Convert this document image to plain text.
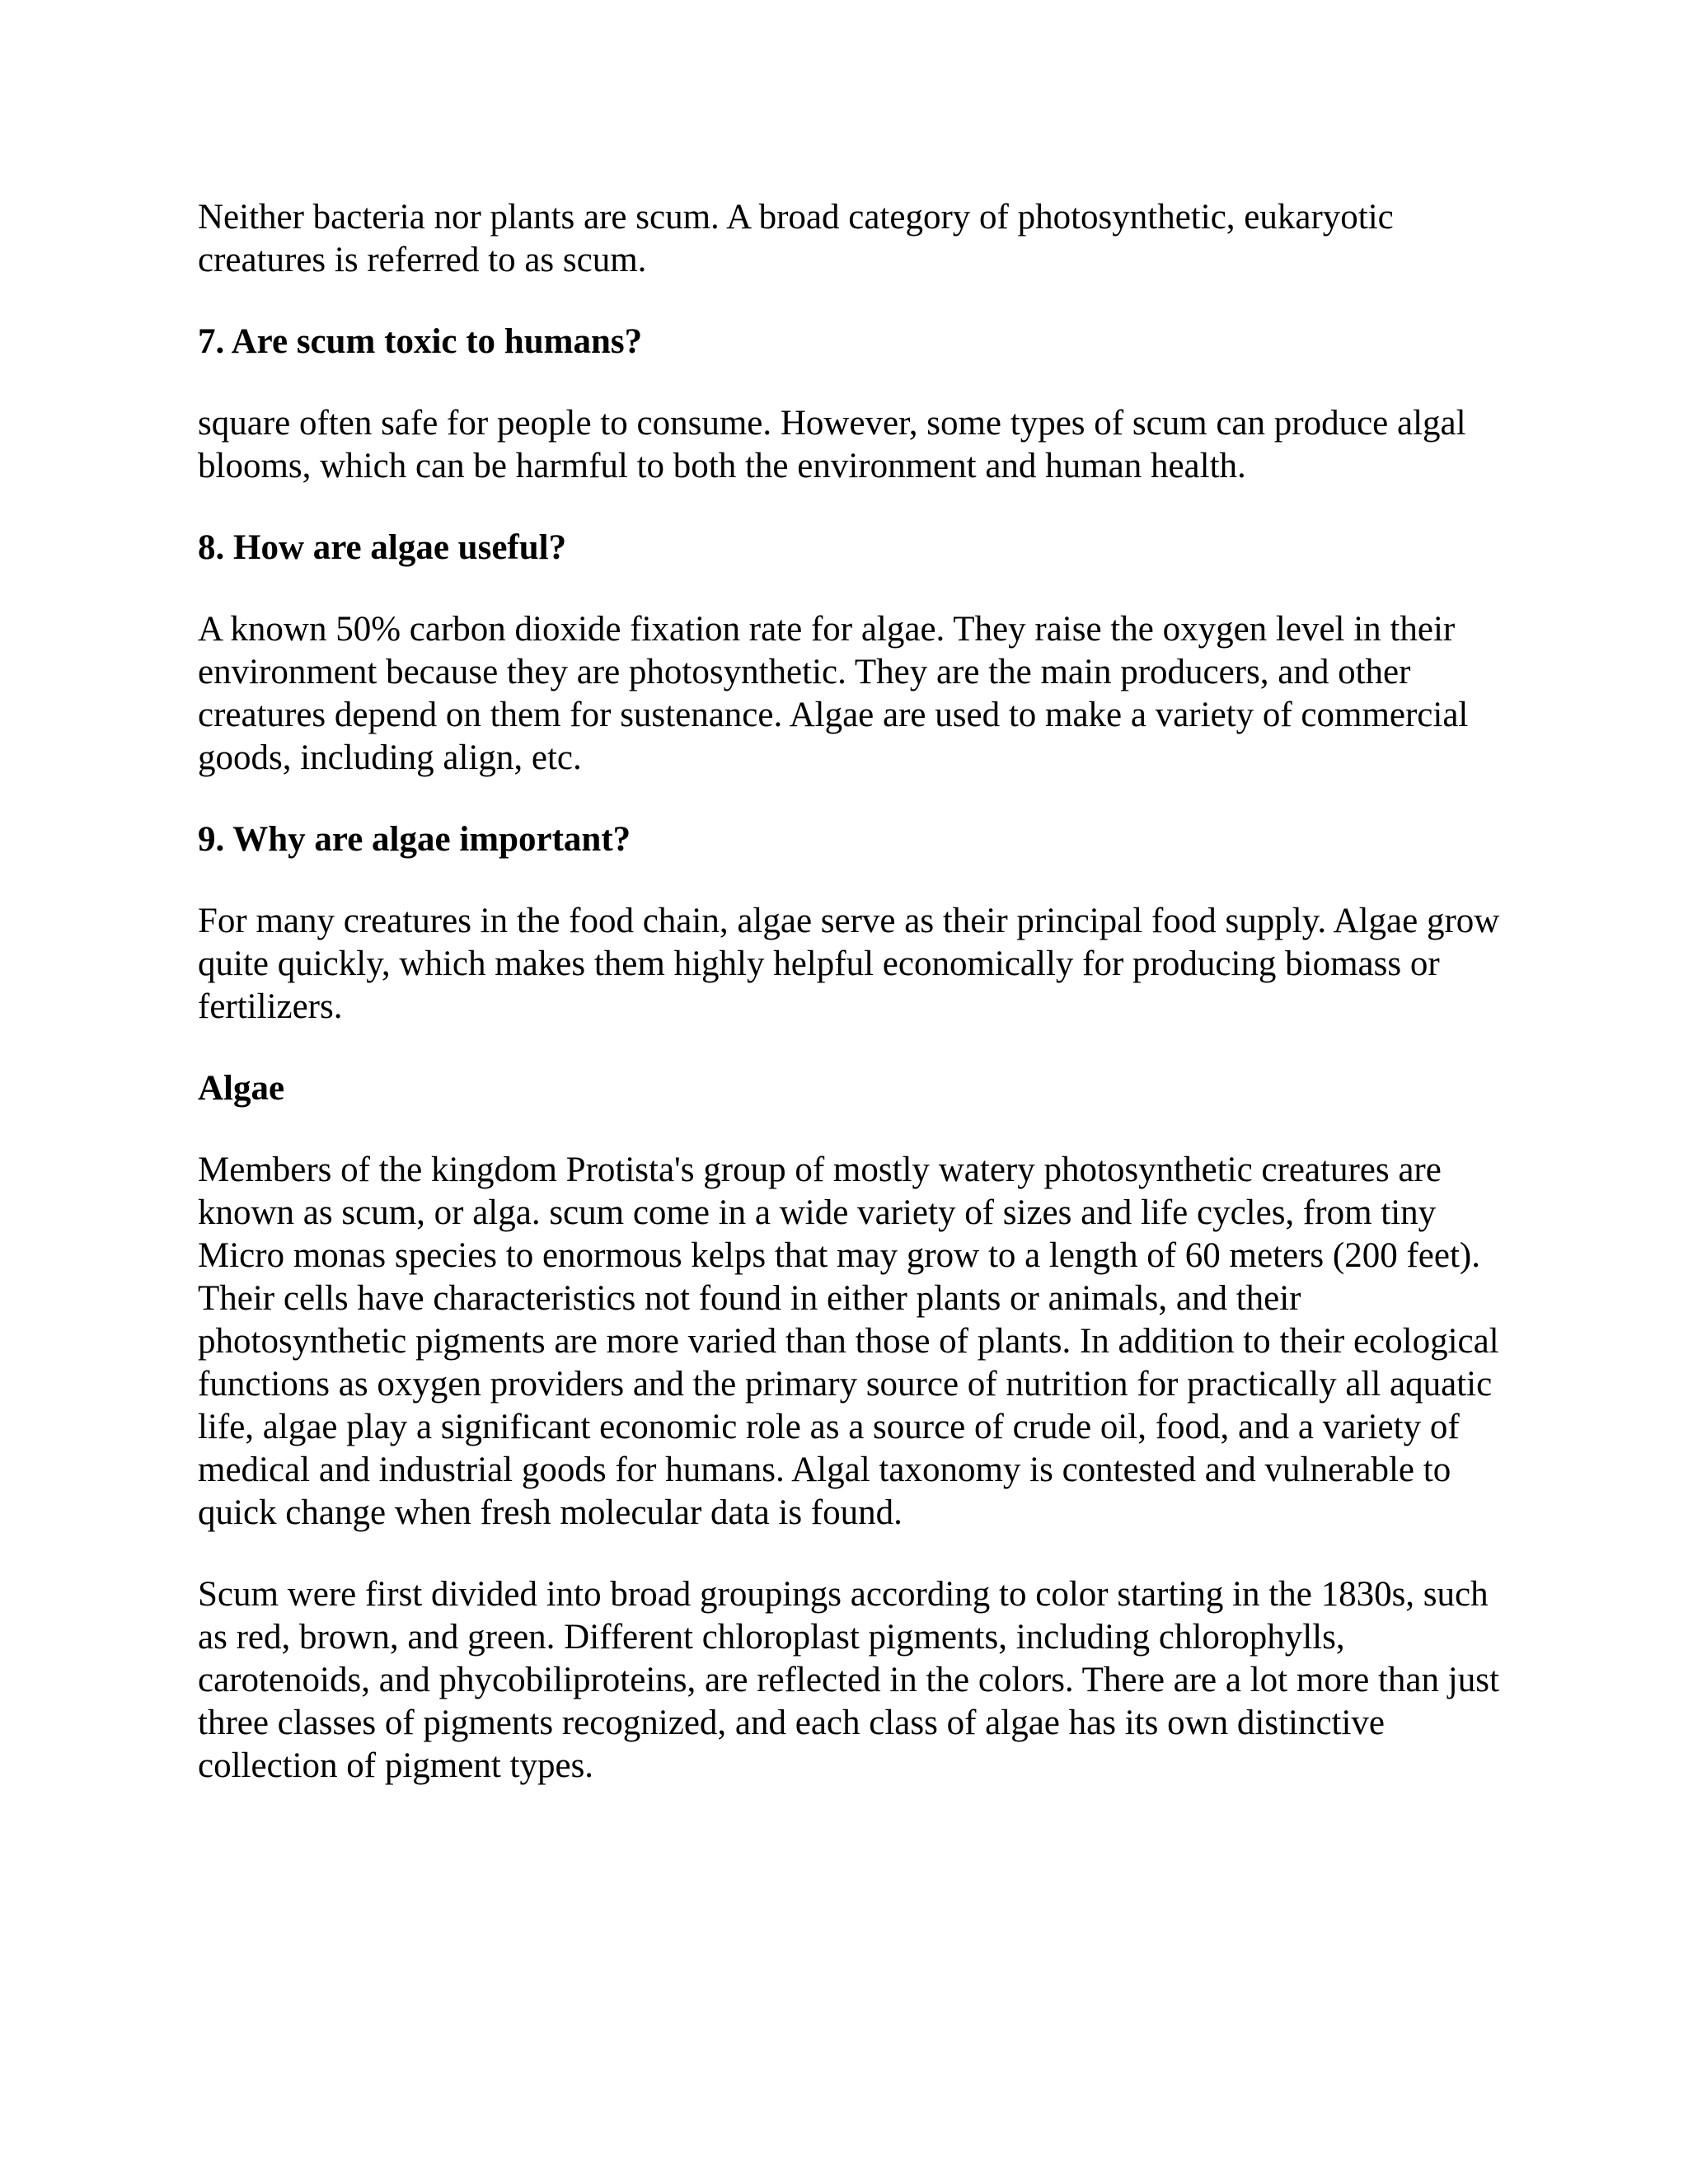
Neither bacteria nor plants are scum. A broad category of photosynthetic, eukaryotic creatures is referred to as scum.

7. Are scum toxic to humans?

square often safe for people to consume. However, some types of scum can produce algal blooms, which can be harmful to both the environment and human health.

8. How are algae useful?

A known 50% carbon dioxide fixation rate for algae. They raise the oxygen level in their environment because they are photosynthetic. They are the main producers, and other creatures depend on them for sustenance. Algae are used to make a variety of commercial goods, including align, etc.

9. Why are algae important?

For many creatures in the food chain, algae serve as their principal food supply. Algae grow quite quickly, which makes them highly helpful economically for producing biomass or fertilizers.

Algae

Members of the kingdom Protista's group of mostly watery photosynthetic creatures are known as scum, or alga. scum come in a wide variety of sizes and life cycles, from tiny Micro monas species to enormous kelps that may grow to a length of 60 meters (200 feet). Their cells have characteristics not found in either plants or animals, and their photosynthetic pigments are more varied than those of plants. In addition to their ecological functions as oxygen providers and the primary source of nutrition for practically all aquatic life, algae play a significant economic role as a source of crude oil, food, and a variety of medical and industrial goods for humans. Algal taxonomy is contested and vulnerable to quick change when fresh molecular data is found.

Scum were first divided into broad groupings according to color starting in the 1830s, such as red, brown, and green. Different chloroplast pigments, including chlorophylls, carotenoids, and phycobiliproteins, are reflected in the colors. There are a lot more than just three classes of pigments recognized, and each class of algae has its own distinctive collection of pigment types.
